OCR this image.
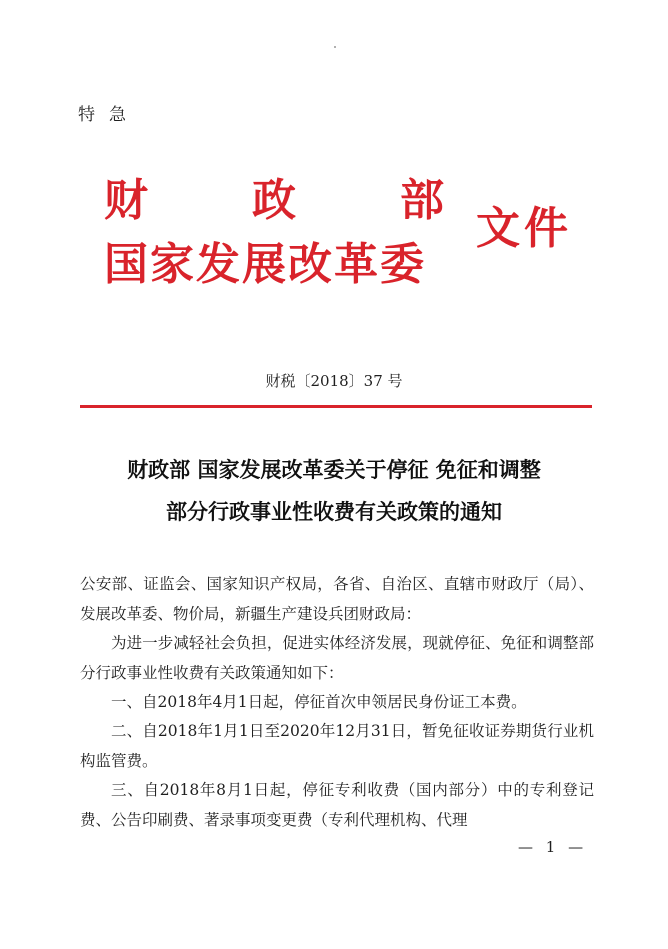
特急
财 政 部
国家发展改革委
文件
财税〔2018〕37 号
财政部 国家发展改革委关于停征 免征和调整
部分行政事业性收费有关政策的通知
公安部、证监会、国家知识产权局，各省、自治区、直辖市财政厅（局）、发展改革委、物价局，新疆生产建设兵团财政局：
为进一步减轻社会负担，促进实体经济发展，现就停征、免征和调整部分行政事业性收费有关政策通知如下：
一、自2018年4月1日起，停征首次申领居民身份证工本费。
二、自2018年1月1日至2020年12月31日，暂免征收证券期货行业机构监管费。
三、自2018年8月1日起，停征专利收费（国内部分）中的专利登记费、公告印刷费、著录事项变更费（专利代理机构、代理
— 1 —
